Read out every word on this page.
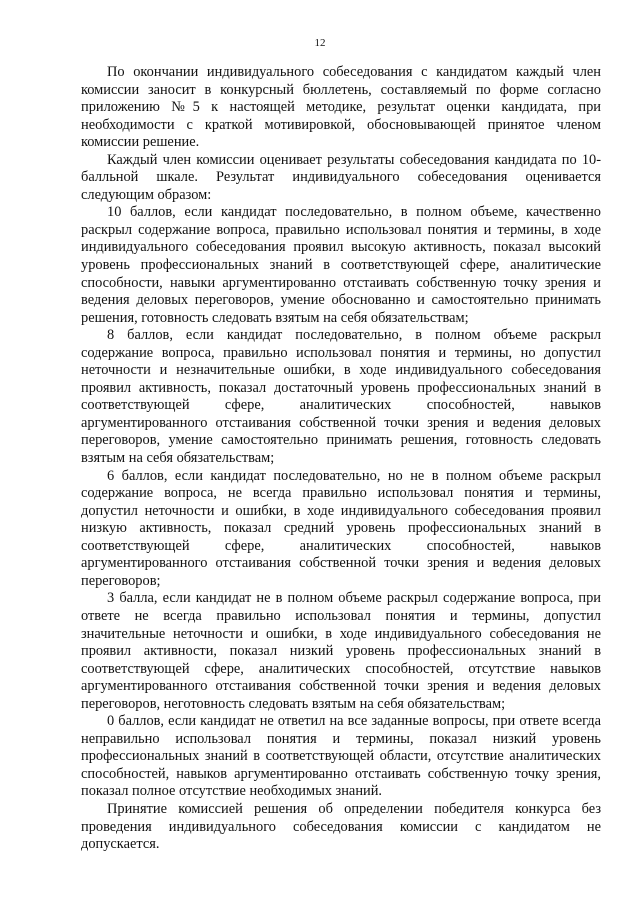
12

По окончании индивидуального собеседования с кандидатом каждый член комиссии заносит в конкурсный бюллетень, составляемый по форме согласно приложению №5 к настоящей методике, результат оценки кандидата, при необходимости с краткой мотивировкой, обосновывающей принятое членом комиссии решение.

Каждый член комиссии оценивает результаты собеседования кандидата по 10-балльной шкале. Результат индивидуального собеседования оценивается следующим образом:

10 баллов, если кандидат последовательно, в полном объеме, качественно раскрыл содержание вопроса, правильно использовал понятия и термины, в ходе индивидуального собеседования проявил высокую активность, показал высокий уровень профессиональных знаний в соответствующей сфере, аналитические способности, навыки аргументированно отстаивать собственную точку зрения и ведения деловых переговоров, умение обоснованно и самостоятельно принимать решения, готовность следовать взятым на себя обязательствам;

8 баллов, если кандидат последовательно, в полном объеме раскрыл содержание вопроса, правильно использовал понятия и термины, но допустил неточности и незначительные ошибки, в ходе индивидуального собеседования проявил активность, показал достаточный уровень профессиональных знаний в соответствующей сфере, аналитических способностей, навыков аргументированного отстаивания собственной точки зрения и ведения деловых переговоров, умение самостоятельно принимать решения, готовность следовать взятым на себя обязательствам;

6 баллов, если кандидат последовательно, но не в полном объеме раскрыл содержание вопроса, не всегда правильно использовал понятия и термины, допустил неточности и ошибки, в ходе индивидуального собеседования проявил низкую активность, показал средний уровень профессиональных знаний в соответствующей сфере, аналитических способностей, навыков аргументированного отстаивания собственной точки зрения и ведения деловых переговоров;

3 балла, если кандидат не в полном объеме раскрыл содержание вопроса, при ответе не всегда правильно использовал понятия и термины, допустил значительные неточности и ошибки, в ходе индивидуального собеседования не проявил активности, показал низкий уровень профессиональных знаний в соответствующей сфере, аналитических способностей, отсутствие навыков аргументированного отстаивания собственной точки зрения и ведения деловых переговоров, неготовность следовать взятым на себя обязательствам;

0 баллов, если кандидат не ответил на все заданные вопросы, при ответе всегда неправильно использовал понятия и термины, показал низкий уровень профессиональных знаний в соответствующей области, отсутствие аналитических способностей, навыков аргументированно отстаивать собственную точку зрения, показал полное отсутствие необходимых знаний.

Принятие комиссией решения об определении победителя конкурса без проведения индивидуального собеседования комиссии с кандидатом не допускается.
